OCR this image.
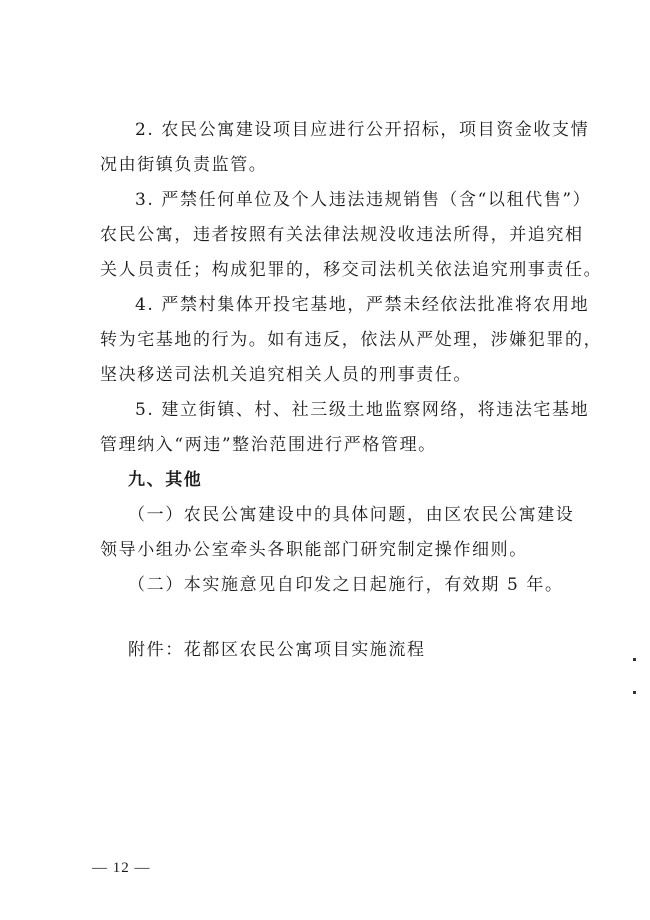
2. 农民公寓建设项目应进行公开招标，项目资金收支情
况由街镇负责监管。
3. 严禁任何单位及个人违法违规销售（含“以租代售”）
农民公寓，违者按照有关法律法规没收违法所得，并追究相
关人员责任；构成犯罪的，移交司法机关依法追究刑事责任。
4. 严禁村集体开投宅基地，严禁未经依法批准将农用地
转为宅基地的行为。如有违反，依法从严处理，涉嫌犯罪的，
坚决移送司法机关追究相关人员的刑事责任。
5. 建立街镇、村、社三级土地监察网络，将违法宅基地
管理纳入“两违”整治范围进行严格管理。
九、其他
（一）农民公寓建设中的具体问题，由区农民公寓建设
领导小组办公室牵头各职能部门研究制定操作细则。
（二）本实施意见自印发之日起施行，有效期 5 年。
附件：花都区农民公寓项目实施流程
— 12 —
